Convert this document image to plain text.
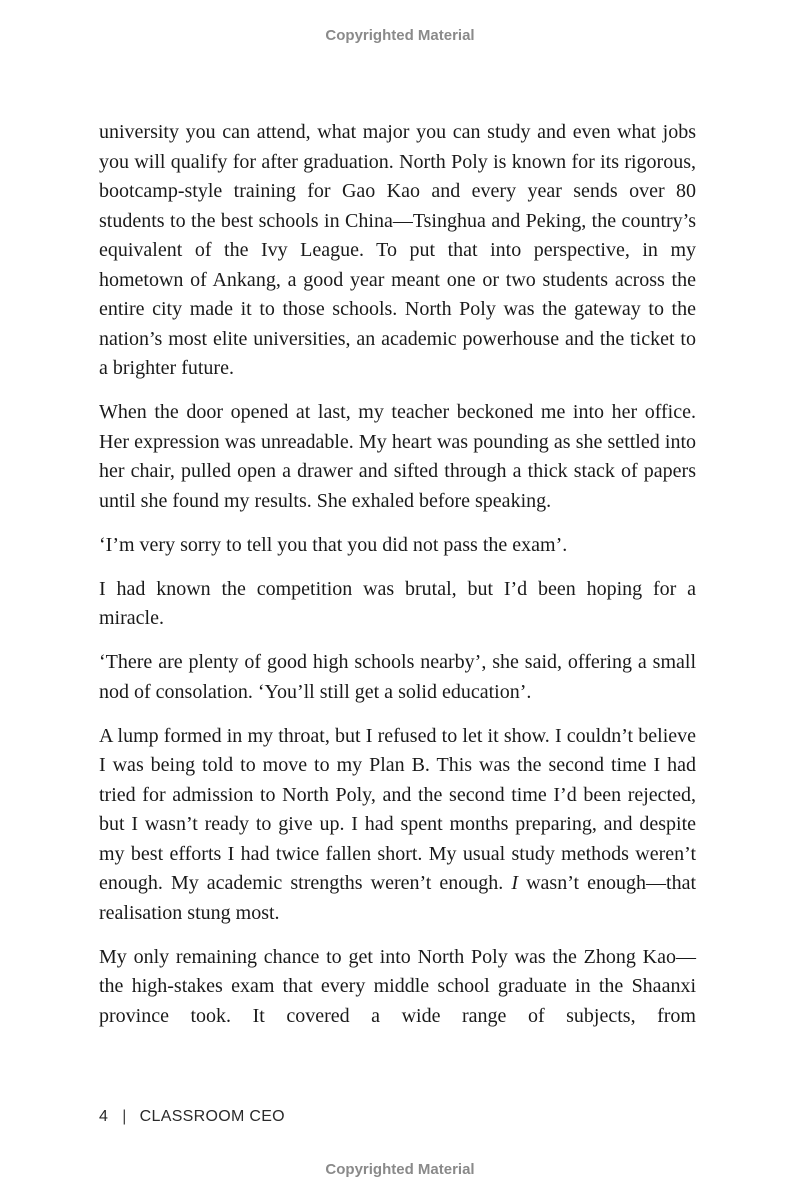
Copyrighted Material

university you can attend, what major you can study and even what jobs you will qualify for after graduation. North Poly is known for its rigorous, bootcamp-style training for Gao Kao and every year sends over 80 students to the best schools in China—Tsinghua and Peking, the country’s equivalent of the Ivy League. To put that into perspective, in my hometown of Ankang, a good year meant one or two students across the entire city made it to those schools. North Poly was the gateway to the nation’s most elite universities, an academic powerhouse and the ticket to a brighter future.

When the door opened at last, my teacher beckoned me into her office. Her expression was unreadable. My heart was pounding as she settled into her chair, pulled open a drawer and sifted through a thick stack of papers until she found my results. She exhaled before speaking.

‘I’m very sorry to tell you that you did not pass the exam’.

I had known the competition was brutal, but I’d been hoping for a miracle.

‘There are plenty of good high schools nearby’, she said, offering a small nod of consolation. ‘You’ll still get a solid education’.

A lump formed in my throat, but I refused to let it show. I couldn’t believe I was being told to move to my Plan B. This was the second time I had tried for admission to North Poly, and the second time I’d been rejected, but I wasn’t ready to give up. I had spent months preparing, and despite my best efforts I had twice fallen short. My usual study methods weren’t enough. My academic strengths weren’t enough. I wasn’t enough—that realisation stung most.

My only remaining chance to get into North Poly was the Zhong Kao—the high-stakes exam that every middle school graduate in the Shaanxi province took. It covered a wide range of subjects, from

4 | CLASSROOM CEO
Copyrighted Material
